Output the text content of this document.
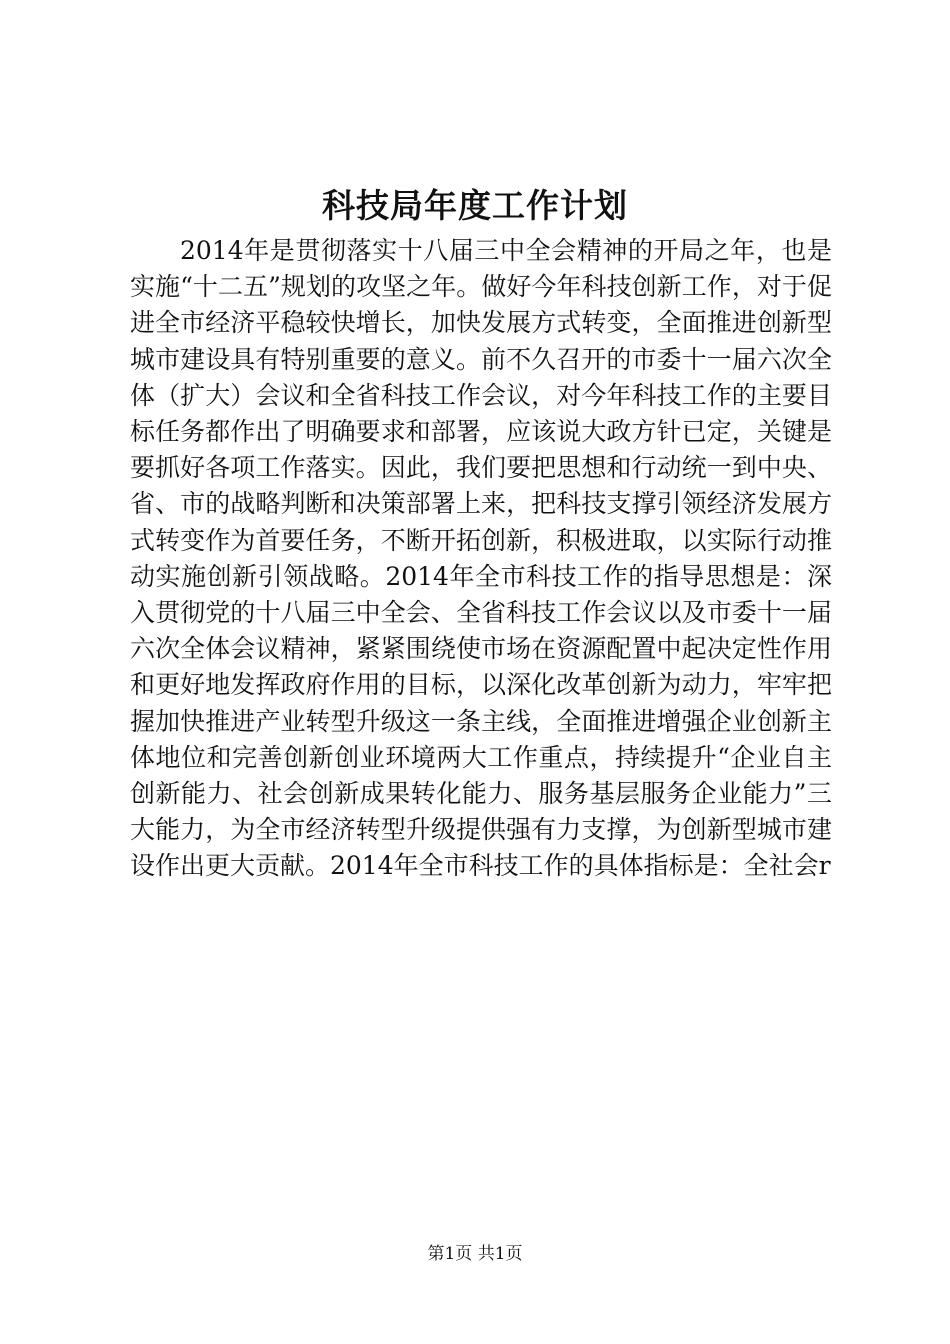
科技局年度工作计划

2014年是贯彻落实十八届三中全会精神的开局之年，也是实施“十二五”规划的攻坚之年。做好今年科技创新工作，对于促进全市经济平稳较快增长，加快发展方式转变，全面推进创新型城市建设具有特别重要的意义。前不久召开的市委十一届六次全体（扩大）会议和全省科技工作会议，对今年科技工作的主要目标任务都作出了明确要求和部署，应该说大政方针已定，关键是要抓好各项工作落实。因此，我们要把思想和行动统一到中央、省、市的战略判断和决策部署上来，把科技支撑引领经济发展方式转变作为首要任务，不断开拓创新，积极进取，以实际行动推动实施创新引领战略。2014年全市科技工作的指导思想是：深入贯彻党的十八届三中全会、全省科技工作会议以及市委十一届六次全体会议精神，紧紧围绕使市场在资源配置中起决定性作用和更好地发挥政府作用的目标，以深化改革创新为动力，牢牢把握加快推进产业转型升级这一条主线，全面推进增强企业创新主体地位和完善创新创业环境两大工作重点，持续提升“企业自主创新能力、社会创新成果转化能力、服务基层服务企业能力”三大能力，为全市经济转型升级提供强有力支撑，为创新型城市建设作出更大贡献。2014年全市科技工作的具体指标是：全社会r

第1页 共1页
